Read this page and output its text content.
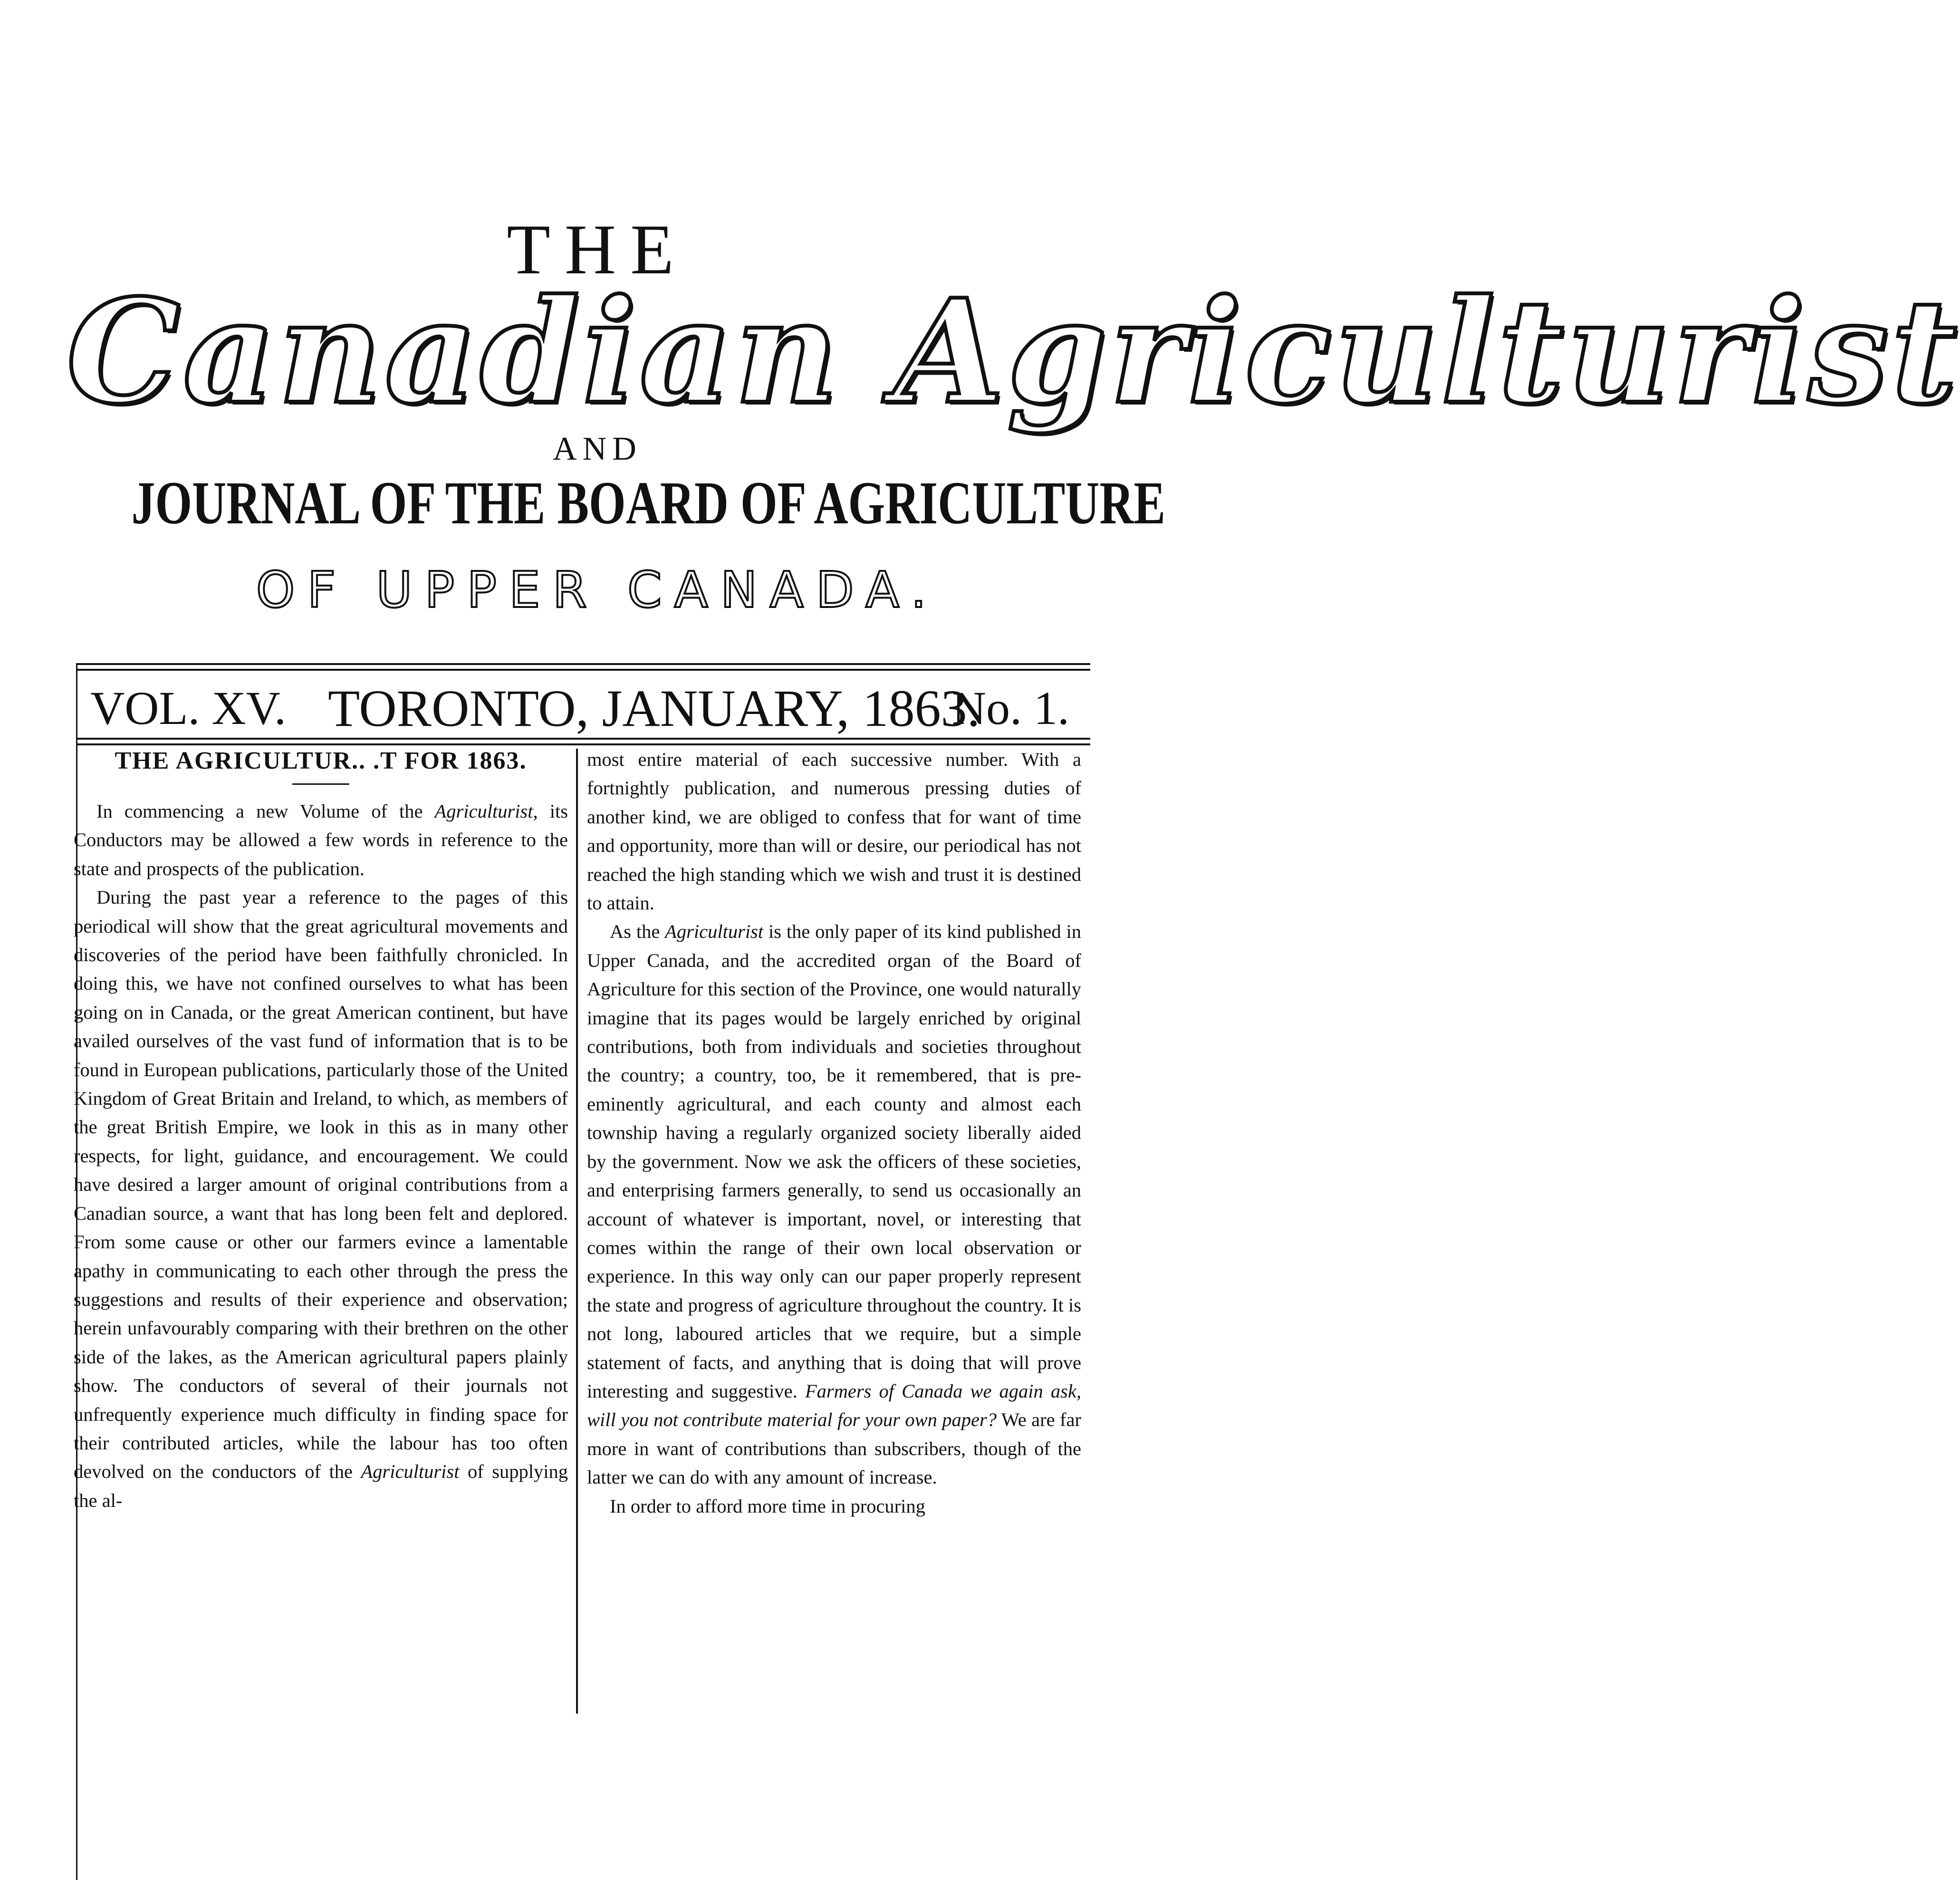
THE
Canadian Agriculturist
AND
JOURNAL OF THE BOARD OF AGRICULTURE
OF UPPER CANADA.
VOL. XV. TORONTO, JANUARY, 1863.
No. 1.
THE AGRICULTUR.. .T FOR 1863.

In commencing a new Volume of the Agriculturist, its Conductors may be allowed a few words in reference to the state and prospects of the publication.

During the past year a reference to the pages of this periodical will show that the great agricultural movements and discoveries of the period have been faithfully chronicled. In doing this, we have not confined ourselves to what has been going on in Canada, or the great American continent, but have availed ourselves of the vast fund of information that is to be found in European publications, particularly those of the United Kingdom of Great Britain and Ireland, to which, as members of the great British Empire, we look in this as in many other respects, for light, guidance, and encouragement. We could have desired a larger amount of original contributions from a Canadian source, a want that has long been felt and deplored. From some cause or other our farmers evince a lamentable apathy in communicating to each other through the press the suggestions and results of their experience and observation; herein unfavourably comparing with their brethren on the other side of the lakes, as the American agricultural papers plainly show. The conductors of several of their journals not unfrequently experience much difficulty in finding space for their contributed articles, while the labour has too often devolved on the conductors of the Agriculturist of supplying the al-

most entire material of each successive number. With a fortnightly publication, and numerous pressing duties of another kind, we are obliged to confess that for want of time and opportunity, more than will or desire, our periodical has not reached the high standing which we wish and trust it is destined to attain.

As the Agriculturist is the only paper of its kind published in Upper Canada, and the accredited organ of the Board of Agriculture for this section of the Province, one would naturally imagine that its pages would be largely enriched by original contributions, both from individuals and societies throughout the country; a country, too, be it remembered, that is pre-eminently agricultural, and each county and almost each township having a regularly organized society liberally aided by the government. Now we ask the officers of these societies, and enterprising farmers generally, to send us occasionally an account of whatever is important, novel, or interesting that comes within the range of their own local observation or experience. In this way only can our paper properly represent the state and progress of agriculture throughout the country. It is not long, laboured articles that we require, but a simple statement of facts, and anything that is doing that will prove interesting and suggestive. Farmers of Canada we again ask, will you not contribute material for your own paper? We are far more in want of contributions than subscribers, though of the latter we can do with any amount of increase.

In order to afford more time in procuring
